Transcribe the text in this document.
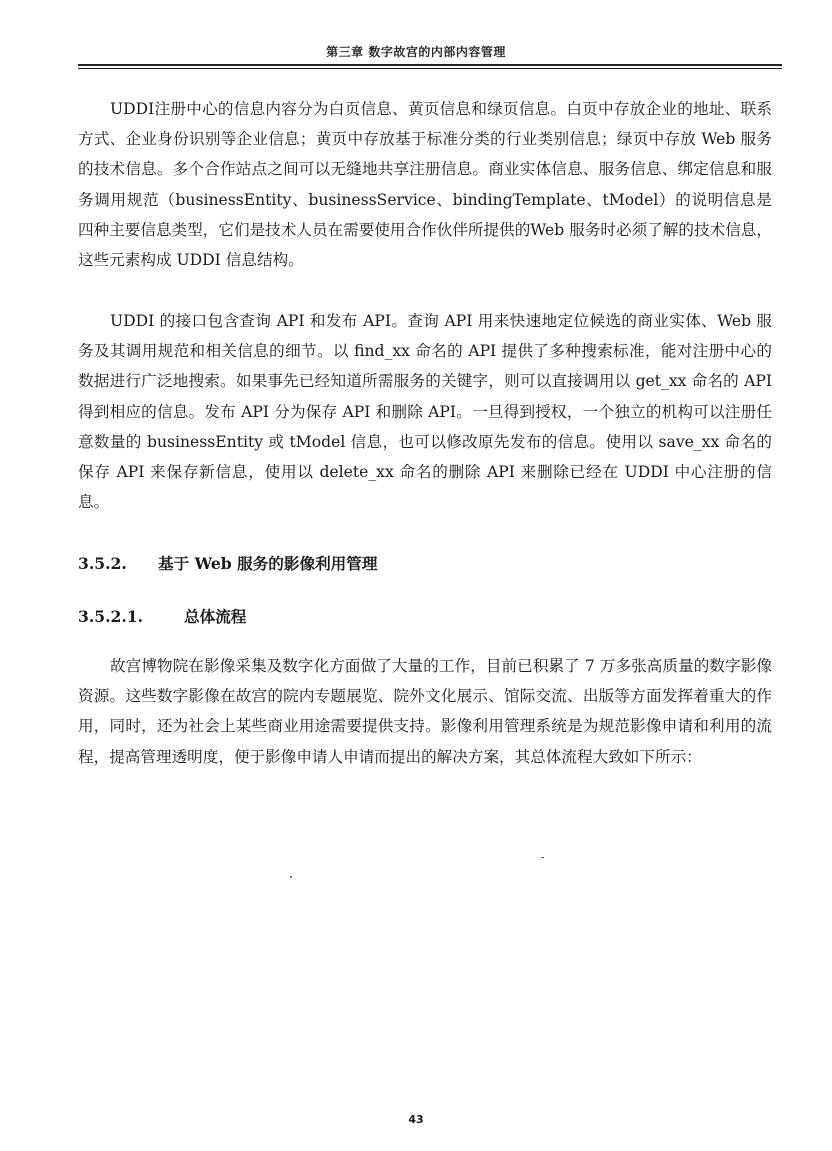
第三章 数字故宫的内部内容管理

UDDI注册中心的信息内容分为白页信息、黄页信息和绿页信息。白页中存放企业的地址、联系方式、企业身份识别等企业信息；黄页中存放基于标准分类的行业类别信息；绿页中存放 Web 服务的技术信息。多个合作站点之间可以无缝地共享注册信息。商业实体信息、服务信息、绑定信息和服务调用规范（businessEntity、businessService、bindingTemplate、tModel）的说明信息是四种主要信息类型，它们是技术人员在需要使用合作伙伴所提供的Web 服务时必须了解的技术信息，这些元素构成 UDDI 信息结构。

UDDI 的接口包含查询 API 和发布 API。查询 API 用来快速地定位候选的商业实体、Web 服务及其调用规范和相关信息的细节。以 find_xx 命名的 API 提供了多种搜索标准，能对注册中心的数据进行广泛地搜索。如果事先已经知道所需服务的关键字，则可以直接调用以 get_xx 命名的 API 得到相应的信息。发布 API 分为保存 API 和删除 API。一旦得到授权，一个独立的机构可以注册任意数量的 businessEntity 或 tModel 信息，也可以修改原先发布的信息。使用以 save_xx 命名的保存 API 来保存新信息，使用以 delete_xx 命名的删除 API 来删除已经在 UDDI 中心注册的信息。

3.5.2. 基于 Web 服务的影像利用管理
3.5.2.1.	总体流程

故宫博物院在影像采集及数字化方面做了大量的工作，目前已积累了 7 万多张高质量的数字影像资源。这些数字影像在故宫的院内专题展览、院外文化展示、馆际交流、出版等方面发挥着重大的作用，同时，还为社会上某些商业用途需要提供支持。影像利用管理系统是为规范影像申请和利用的流程，提高管理透明度，便于影像申请人申请而提出的解决方案，其总体流程大致如下所示：

43
